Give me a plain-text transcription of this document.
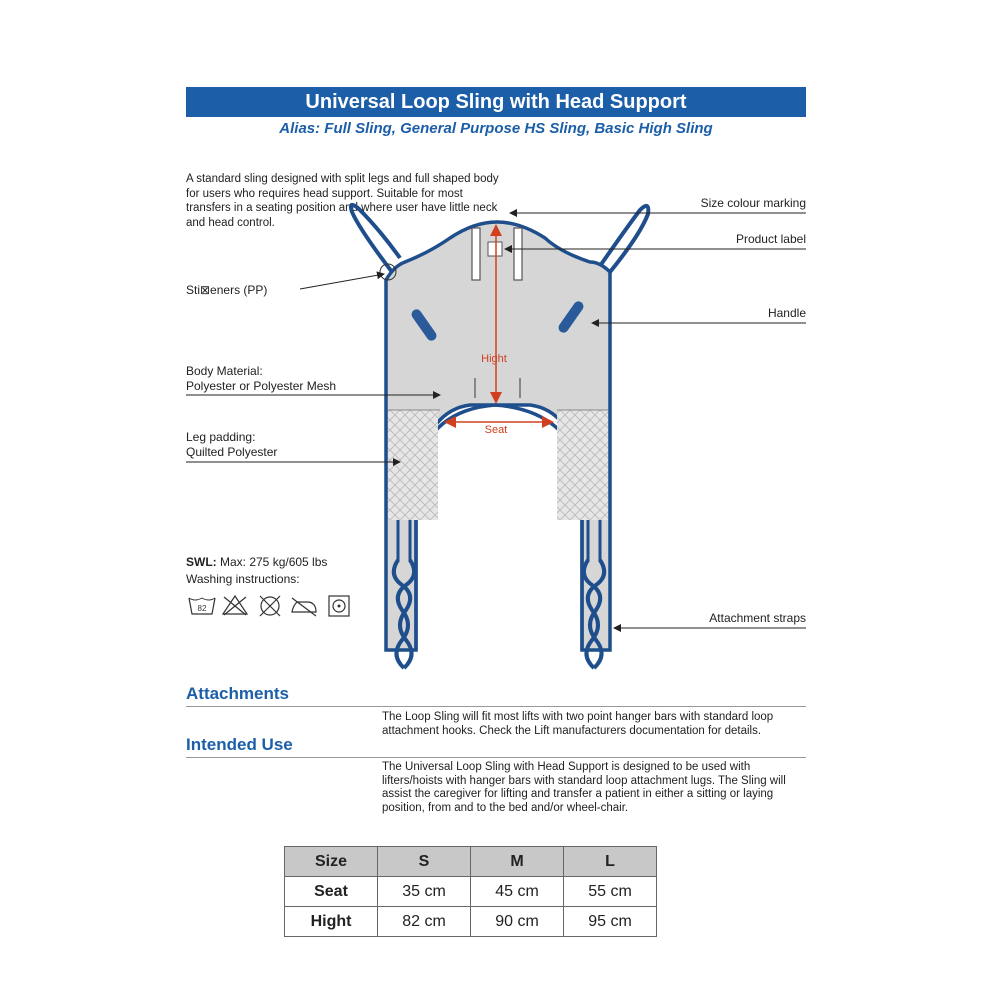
Universal Loop Sling with Head Support
Alias: Full Sling, General Purpose HS Sling, Basic High Sling
A standard sling designed with split legs and full shaped body for users who requires head support. Suitable for most transfers in a seating position and where user have little neck and head control.
Sti⊠eners (PP)
Body Material:
Polyester or Polyester Mesh
Leg padding:
Quilted Polyester
Size colour marking
Product label
Handle
Attachment straps
Hight
Seat
SWL: Max: 275 kg/605 lbs
Washing instructions:
82
Attachments
The Loop Sling will fit most lifts with two point hanger bars with standard loop attachment hooks. Check the Lift manufacturers documentation for details.
Intended Use
The Universal Loop Sling with Head Support is designed to be used with lifters/hoists with hanger bars with standard loop attachment lugs. The Sling will assist the caregiver for lifting and transfer a patient in either a sitting or laying position, from and to the bed and/or wheel-chair.
Size	S	M	L
Seat	35 cm	45 cm	55 cm
Hight	82 cm	90 cm	95 cm
